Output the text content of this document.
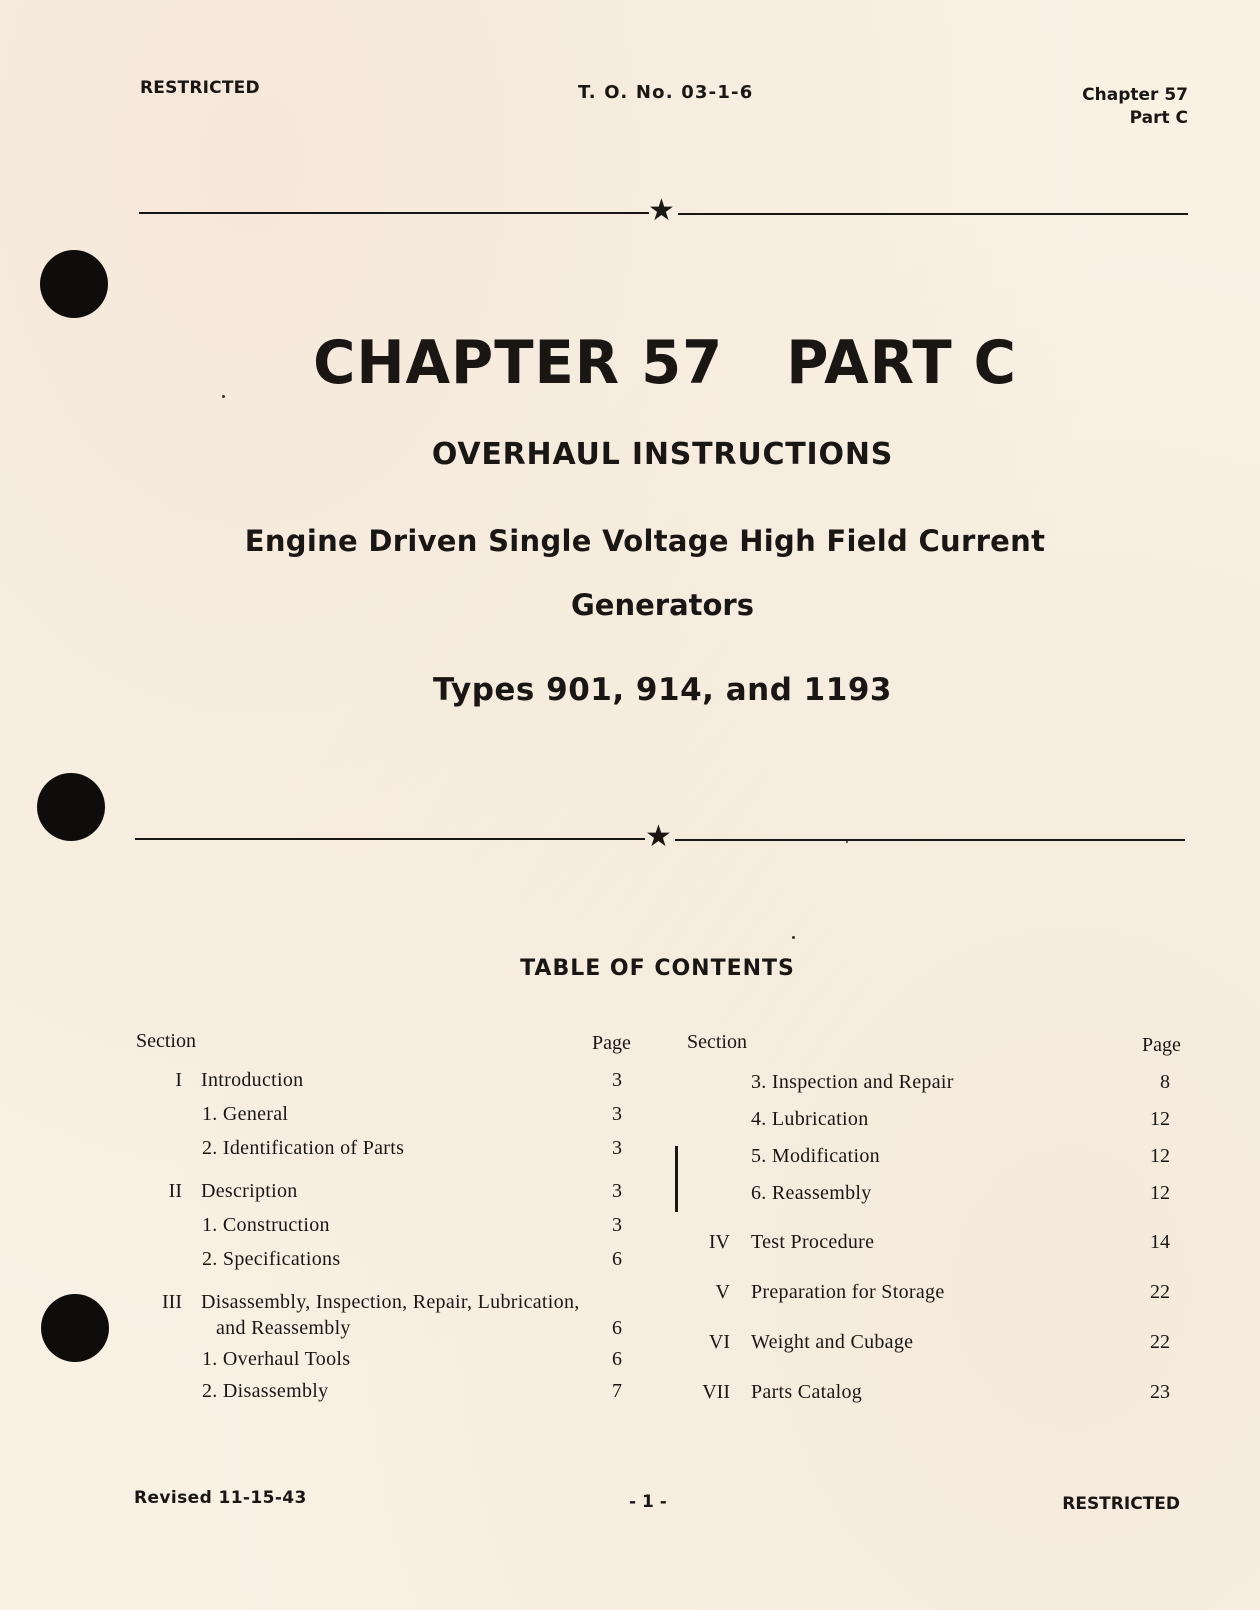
RESTRICTED	T. O. No. 03-1-6	Chapter 57
Part C
★
CHAPTER 57   PART C
OVERHAUL INSTRUCTIONS
Engine Driven Single Voltage High Field Current
Generators
Types 901, 914, and 1193
★
TABLE OF CONTENTS
Section	Page
I Introduction	3
1. General	3
2. Identification of Parts	3
II Description	3
1. Construction	3
2. Specifications	6
III Disassembly, Inspection, Repair, Lubrication,
and Reassembly	6
1. Overhaul Tools	6
2. Disassembly	7
Section	Page
3. Inspection and Repair	8
4. Lubrication	12
5. Modification	12
6. Reassembly	12
IV Test Procedure	14
V Preparation for Storage	22
VI Weight and Cubage	22
VII Parts Catalog	23
Revised 11-15-43	- 1 -	RESTRICTED
